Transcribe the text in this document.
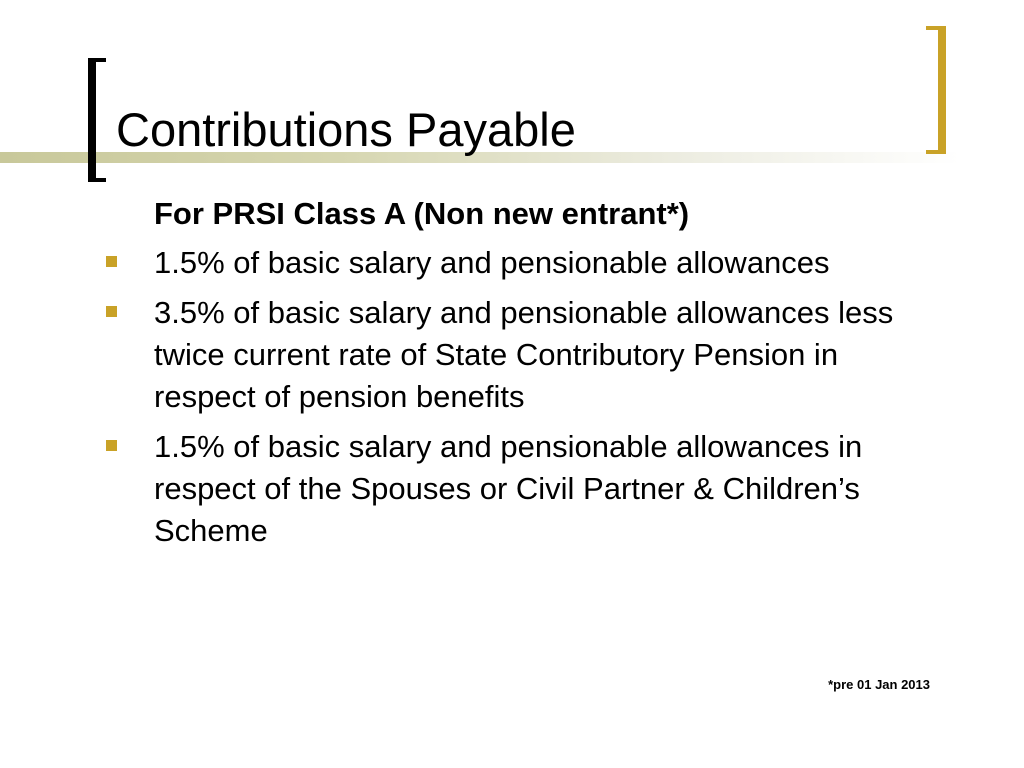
Contributions Payable
For PRSI Class A (Non new entrant*)
1.5% of basic salary and pensionable allowances
3.5% of basic salary and pensionable allowances less twice current rate of State Contributory Pension in respect of pension benefits
1.5% of basic salary and pensionable allowances in respect of the Spouses or Civil Partner & Children’s Scheme
*pre 01 Jan 2013
